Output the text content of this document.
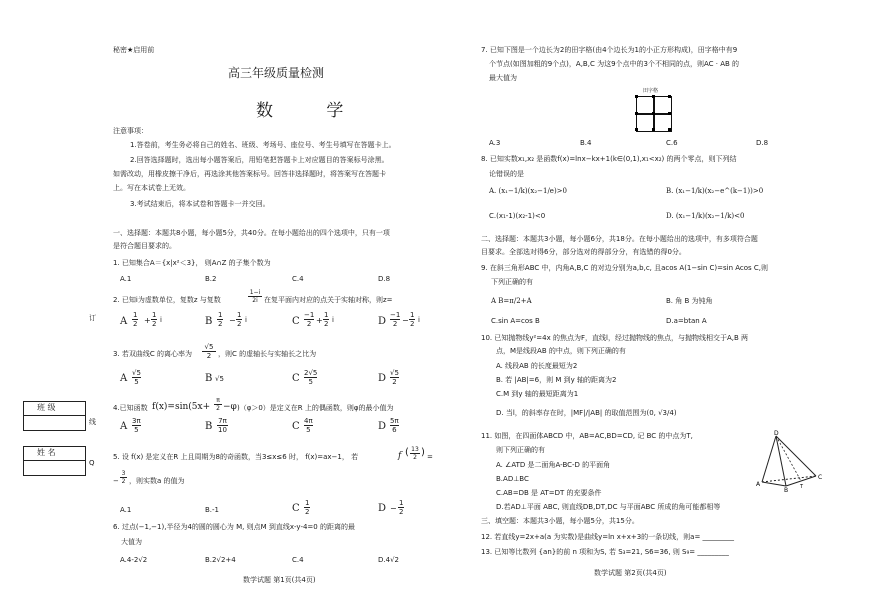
秘密★启用前
高三年级质量检测
数 学
注意事项：
1.答卷前，考生务必将自己的姓名、班级、考场号、座位号、考生号填写在答题卡上。
2.回答选择题时，选出每小题答案后，用铅笔把答题卡上对应题目的答案标号涂黑。
如需改动，用橡皮擦干净后，再选涂其他答案标号。回答非选择题时，将答案写在答题卡
上。写在本试卷上无效。
3.考试结束后，将本试卷和答题卡一并交回。
一、选择题：本题共8小题，每小题5分，共40分。在每小题给出的四个选项中，只有一项
是符合题目要求的。
1. 已知集合A＝{x|x²＜3}， 则A∩Z 的子集个数为
A.1	B.2	C.4	D.8
2. 已知i为虚数单位，复数z 与复数	$\frac{1-i}{2i}$ 在复平面内对应的点关于实轴对称，则z=
3. 若双曲线C 的离心率为 $\frac{√5}{2}$ ，则C 的虚轴长与实轴长之比为
4.已知函数 $f(x)=\sin(5x+ \frac{\pi}{2} -\varphi$ )（φ＞0）是定义在R 上的偶函数，则φ的最小值为
5. 设 f(x) 是定义在R 上且周期为8的奇函数，当3≤x≤6 时， f(x)=ax−1， 若	f ( $\frac{13}{2}$ ) =
− $\frac{3}{2}$ ，则实数a 的值为
6. 过点(−1,−1),半径为4的圆的圆心为 M, 则点M 到直线x-y-4=0 的距离的最
大值为
A.4-2√2	B.2√2+4	C.4	D.4√2
数学试题 第1页(共4页)
订
线
Q
班 级
姓 名
7. 已知下图是一个边长为2的田字格(由4个边长为1的小正方形构成)，田字格中有9
个节点(如图加粗的9个点)，A,B,C 为这9个点中的3个不相同的点，则AC · AB 的
最大值为
田字格
A.3	B.4	C.6	D.8
8. 已知实数x₁,x₂ 是函数f(x)=lnx−kx+1(k∈(0,1),x₁<x₂) 的两个零点，则下列结
论错误的是
A. (x₁−1/k)(x₂−1/e)>0	B. (x₁−1/k)(x₂−e^(k−1))>0
C.(x₁-1)(x₂-1)<0	D. (x₁−1/k)(x₂−1/k)<0
二、选择题：本题共3小题，每小题6分，共18分。在每小题给出的选项中，有多项符合题
目要求。全部选对得6分，部分选对的得部分分，有选错的得0分。
9. 在斜三角形ABC 中，内角A,B,C 的对边分别为a,b,c, 且acos A(1−sin C)=sin Acos C,则
下列正确的有
A B=π/2+A	B. 角 B 为钝角
C.sin A=cos B	D.a=btan A
10. 已知抛物线y²=4x 的焦点为F，直线l，经过抛物线的焦点，与抛物线相交于A,B 两
点，M是线段AB 的中点，则下列正确的有
A. 线段AB 的长度最短为2
B. 若 |AB|=6，则 M 到y 轴的距离为2
C.M 到y 轴的最短距离为1
D. 当l，的斜率存在时，|MF|/|AB| 的取值范围为(0, √3/4)
11. 如图，在四面体ABCD 中，AB=AC,BD=CD, 记 BC 的中点为T,
则下列正确的有
A. ∠ATD 是二面角A-BC-D 的平面角
B.AD⊥BC
C.AB=DB 是 AT=DT 的充要条件
D.若AD⊥平面 ABC, 则直线DB,DT,DC 与平面ABC 所成的角可能都相等
D
A
B
C
T
三、填空题：本题共3小题，每小题5分，共15分。
12. 若直线y=2x+a(a 为实数)是曲线y=ln x+x+3的一条切线，则a= _________
13. 已知等比数列 {an}的前 n 项和为S, 若 S₃=21, S6=36, 则 S₉= _________
数学试题 第2页(共4页)
A $\frac{1}{2} + \frac{1}{2}$ i	B $\frac{1}{2} - \frac{1}{2}$ i	C $\frac{-1}{2} + \frac{1}{2}$ i	D $\frac{-1}{2} - \frac{1}{2}$ i
A $\frac{√5}{5}$	B √5	C $\frac{2√5}{5}$	D $\frac{√5}{2}$
A $\frac{3\pi}{5}$	B $\frac{7\pi}{10}$	C $\frac{4\pi}{5}$	D $\frac{5\pi}{6}$
A.1	B.-1	C $\frac{1}{2}$	$D - \frac{1}{2}$
